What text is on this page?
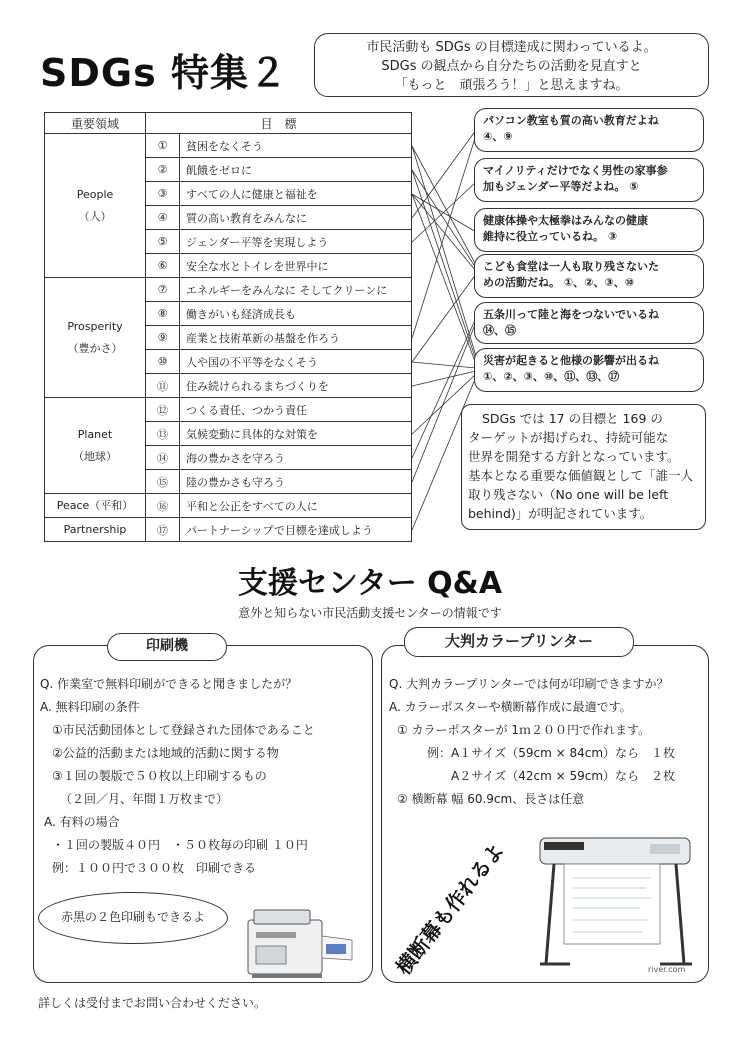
SDGs 特集２
市民活動も SDGs の目標達成に関わっているよ。
SDGs の観点から自分たちの活動を見直すと
「もっと　頑張ろう！」と思えますね。
重要領域	目　標	

People
（人）	①	貧困をなくそう
	②	飢餓をゼロに
	③	すべての人に健康と福祉を
	④	質の高い教育をみんなに
	⑤	ジェンダー平等を実現しよう
	⑥	安全な水とトイレを世界中に

Prosperity
（豊かさ）	⑦	エネルギーをみんなに そしてクリーンに
	⑧	働きがいも経済成長も
	⑨	産業と技術革新の基盤を作ろう
	⑩	人や国の不平等をなくそう
	⑪	住み続けられるまちづくりを

Planet
（地球）	⑫	つくる責任、つかう責任
	⑬	気候変動に具体的な対策を
	⑭	海の豊かさを守ろう
	⑮	陸の豊かさも守ろう
Peace（平和）	⑯	平和と公正をすべての人に
Partnership	⑰	パートナーシップで目標を達成しよう
パソコン教室も質の高い教育だよね
④、⑨
マイノリティだけでなく男性の家事参
加もジェンダー平等だよね。 ⑤
健康体操や太極拳はみんなの健康
維持に役立っているね。 ③
こども食堂は一人も取り残さないた
めの活動だね。 ①、②、③、⑩
五条川って陸と海をつないでいるね
⑭、⑮
災害が起きると他様の影響が出るね
①、②、③、⑩、⑪、⑬、⑰
SDGs では 17 の目標と 169 の
ターゲットが掲げられ、持続可能な
世界を開発する方針となっています。
基本となる重要な価値観として「誰一人
取り残さない（No one will be left
behind)」が明記されています。
支援センター Q&A
意外と知らない市民活動支援センターの情報です
印刷機
Q. 作業室で無料印刷ができると聞きましたが？
A. 無料印刷の条件
①市民活動団体として登録された団体であること
②公益的活動または地域的活動に関する物
③１回の製版で５０枚以上印刷するもの
（２回／月、年間１万枚まで）
A. 有料の場合
・１回の製版４０円　・５０枚毎の印刷 １０円
例：１００円で３００枚　印刷できる
赤黒の２色印刷もできるよ
大判カラープリンター
Q. 大判カラープリンターでは何が印刷できますか？
A. カラーポスターや横断幕作成に最適です。
① カラーポスターが 1ｍ２００円で作れます。
例：A１サイズ（59cm × 84cm）なら　１枚
A２サイズ（42cm × 59cm）なら　２枚
② 横断幕 幅 60.9cm、長さは任意
river.com
横断幕も作れるよ
詳しくは受付までお問い合わせください。
